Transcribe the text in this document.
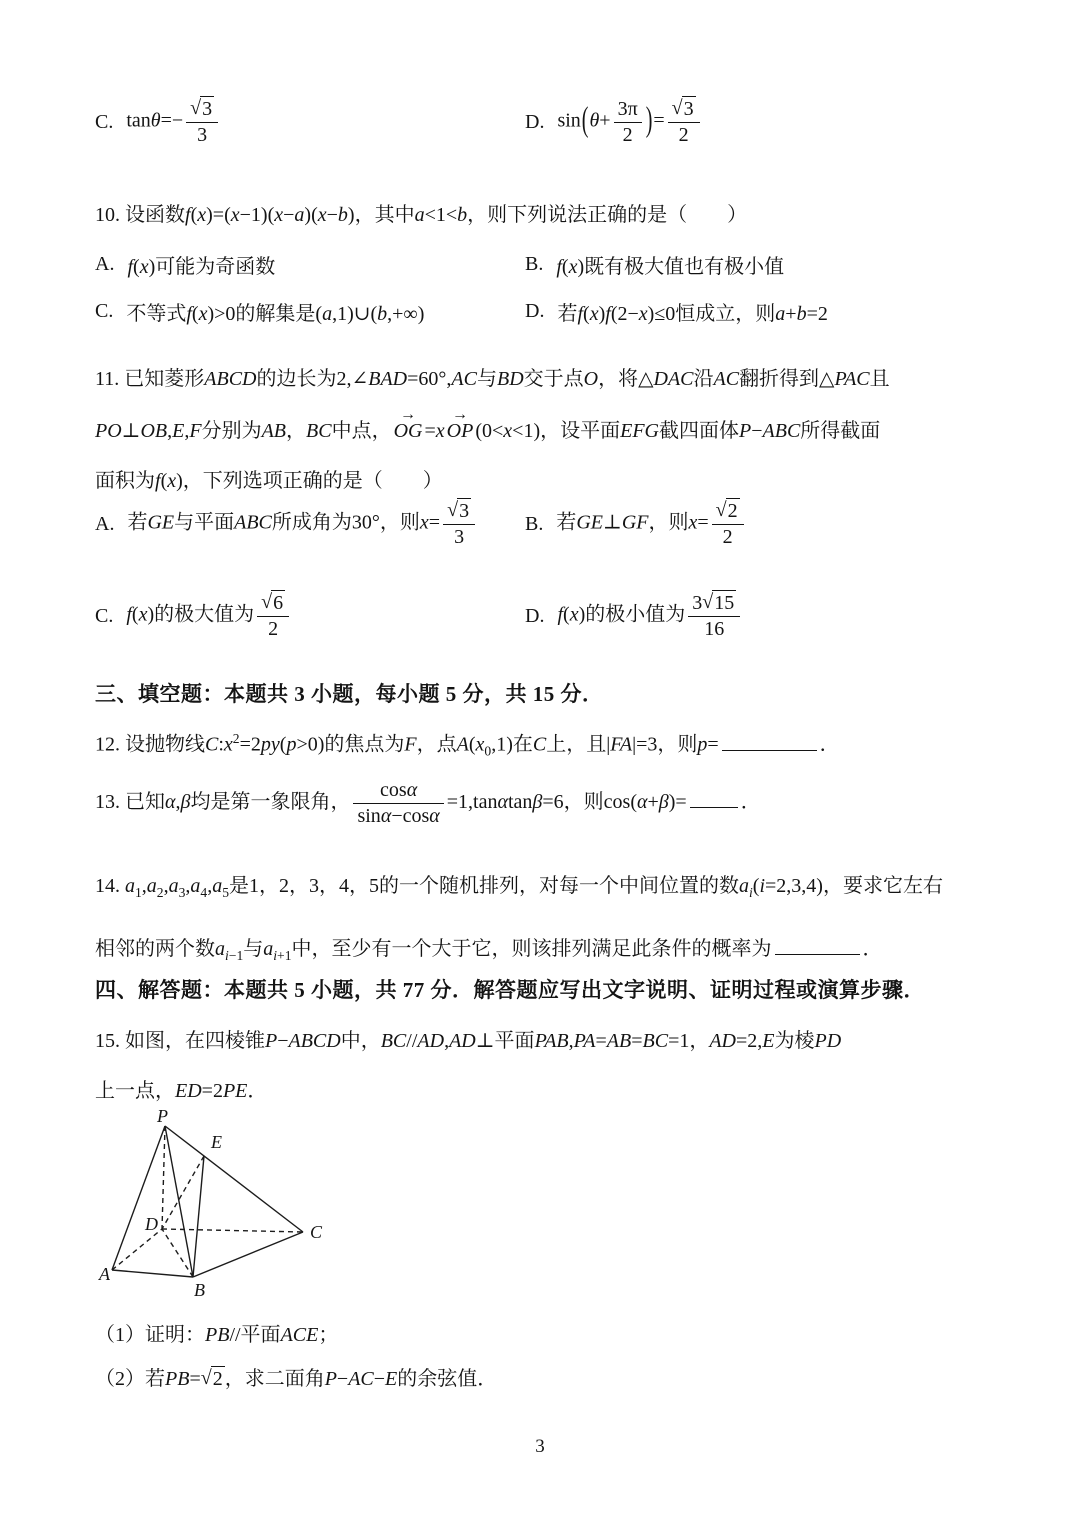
C. $\tan\theta=- \frac{√3}{3}$	D. $\sin(\theta+ \frac{3\pi}{2}$ )= $\frac{√3}{2}$
10. 设函数f(x)=(x−1)(x−a)(x−b)，其中a<1<b，则下列说法正确的是（　　）
A. f(x)可能为奇函数	B. f(x)既有极大值也有极小值
C. 不等式f(x)>0的解集是(a,1)∪(b,+∞)	D. 若f(x)f(2−x)≤0恒成立，则a+b=2
11. 已知菱形ABCD的边长为2,∠BAD=60°,AC与BD交于点O，将△DAC沿AC翻折得到△PAC且
PO⊥OB,E,F分别为AB，BC中点，
→
OG =x
→
OP (0<x<1)，设平面EFG截四面体P−ABC所得截面
面积为f(x)，下列选项正确的是（　　）
A. 若GE与平面ABC所成角为30°，则$x= \frac{√3}{3} B$. 若GE⊥GF，则$x= \frac{√2}{2}$
C. f(x)的极大值为 $\frac{√6}{2}$	D. f(x)的极小值为 $\frac{3√15}{16}$
三、填空题：本题共 3 小题，每小题 5 分，共 15 分．
12. 设抛物线$C:x^2=2py(p>0)$的焦点为F，点$A(x_0,1)$在C上，且|FA|=3，则p=	．
13. 已知α,β均是第一象限角， $\frac{\cos\alpha}{\sin\alpha-\cos\alpha} =1,\tan\alpha\tan\beta=6$，则cos(α+β)=	．
14. $a_1,a_2,a_3,a_4,a_5$是1，2，3，4，5的一个随机排列，对每一个中间位置的数$a_i(i=2,3,4)$，要求它左右
相邻的两个数$a_{i-1}$与$a_{i+1}$中，至少有一个大于它，则该排列满足此条件的概率为	．
四、解答题：本题共 5 小题，共 77 分．解答题应写出文字说明、证明过程或演算步骤．
15. 如图，在四棱锥P−ABCD中，BC//AD,AD⊥平面PAB,PA=AB=BC=1，AD=2,E为棱PD
上一点，ED=2PE．
P
E
D	C
A
B
（1）证明：PB//平面ACE；
（2）若PB=√2 ，求二面角P−AC−E的余弦值．
3
